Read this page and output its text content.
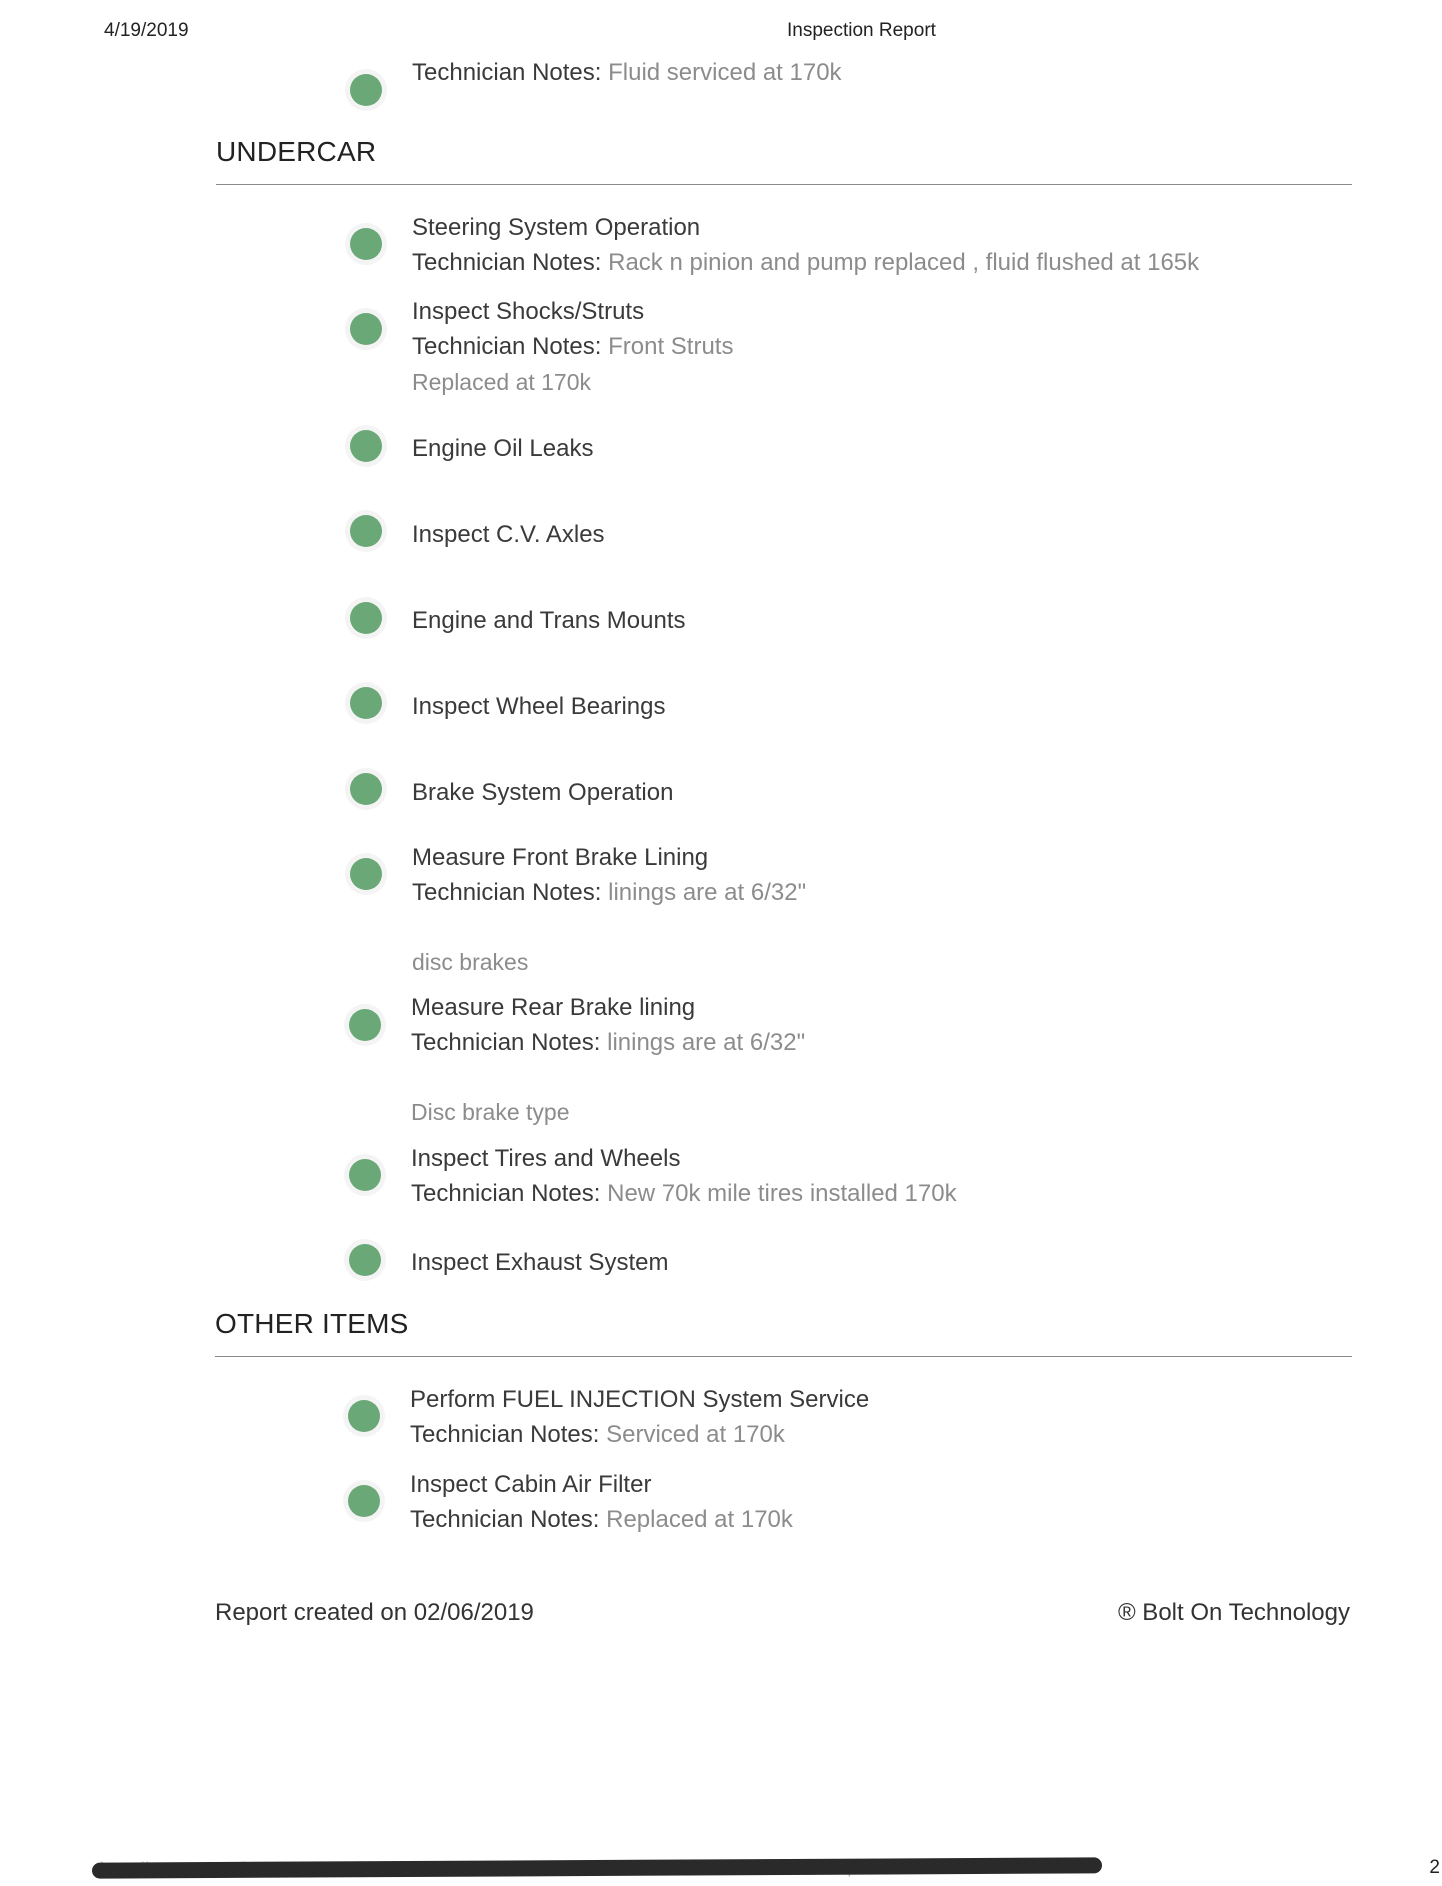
4/19/2019	Inspection Report
Technician Notes: Fluid serviced at 170k
UNDERCAR
Steering System Operation
Technician Notes: Rack n pinion and pump replaced , fluid flushed at 165k
Inspect Shocks/Struts
Technician Notes: Front Struts
Replaced at 170k
Engine Oil Leaks
Inspect C.V. Axles
Engine and Trans Mounts
Inspect Wheel Bearings
Brake System Operation
Measure Front Brake Lining
Technician Notes: linings are at 6/32"
disc brakes
Measure Rear Brake lining
Technician Notes: linings are at 6/32"
Disc brake type
Inspect Tires and Wheels
Technician Notes: New 70k mile tires installed 170k
Inspect Exhaust System
OTHER ITEMS
Perform FUEL INJECTION System Service
Technician Notes: Serviced at 170k
Inspect Cabin Air Filter
Technician Notes: Replaced at 170k
Report created on 02/06/2019	® Bolt On Technology
2
